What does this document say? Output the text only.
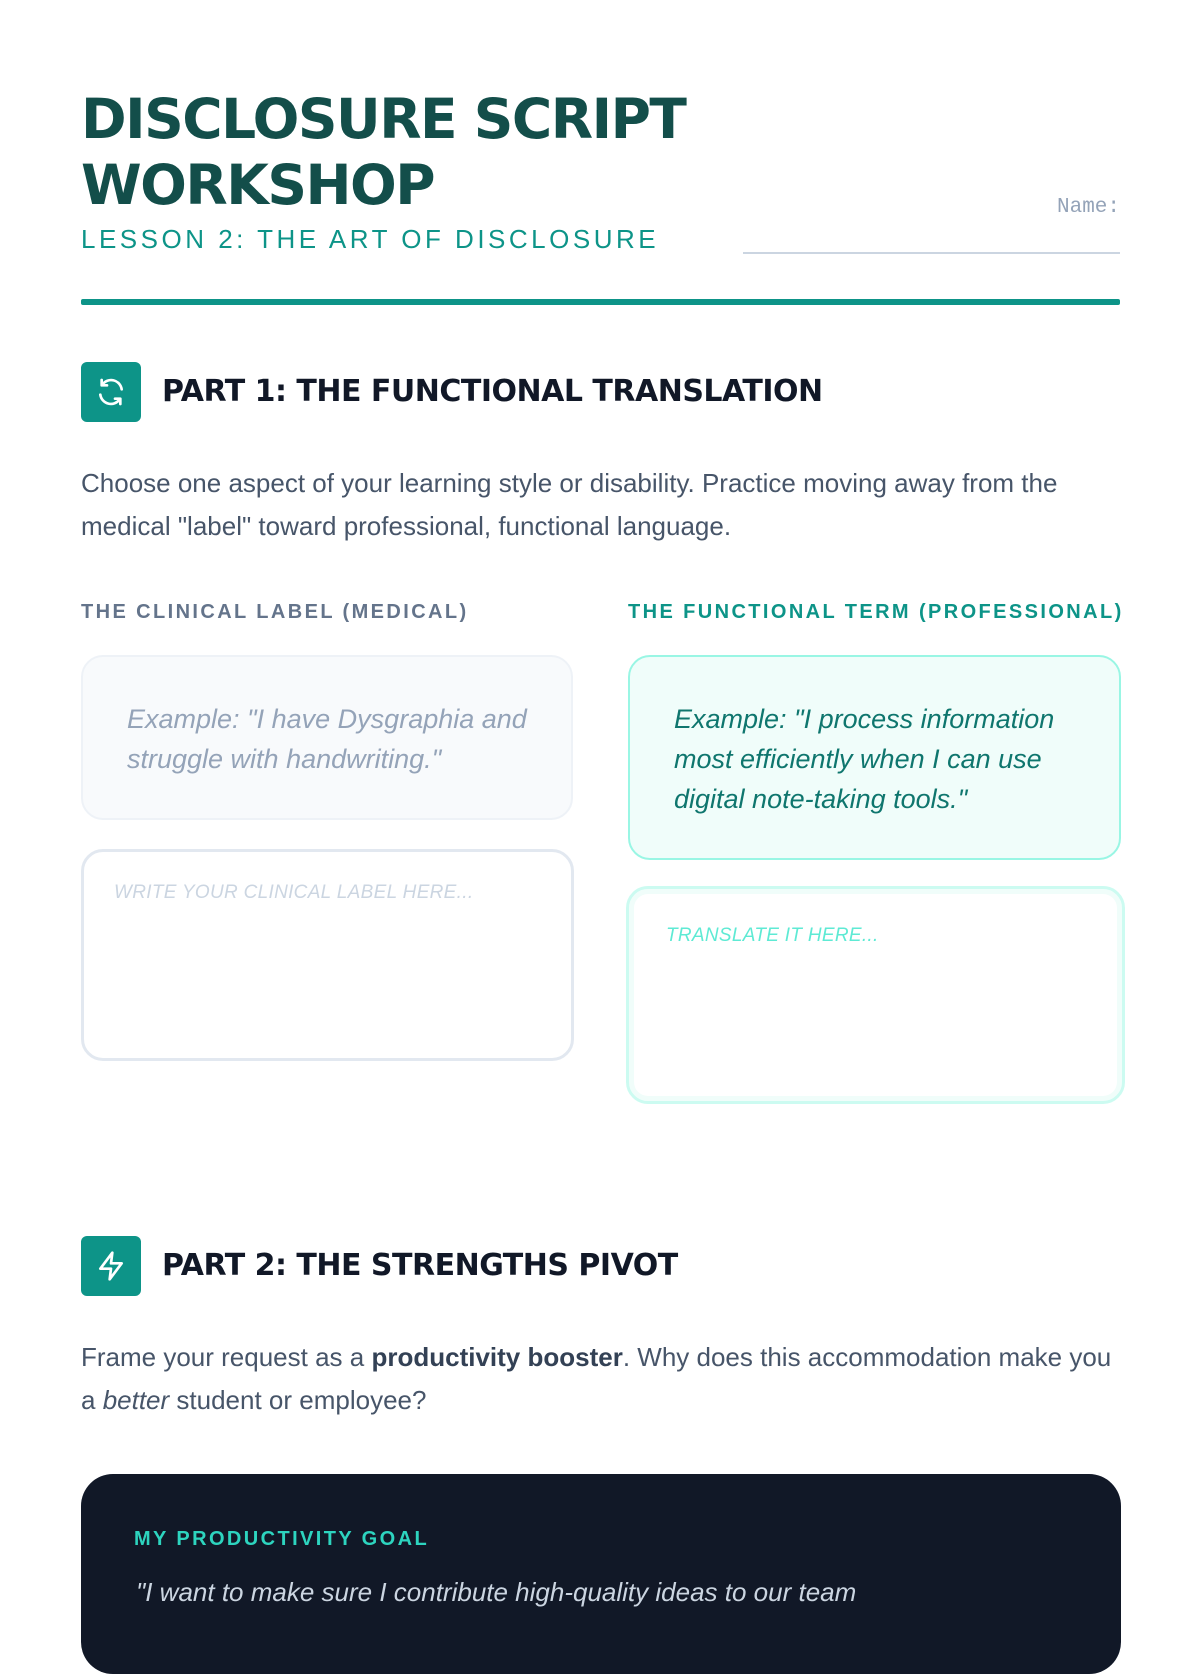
DISCLOSURE SCRIPT WORKSHOP
LESSON 2: THE ART OF DISCLOSURE
Name:
PART 1: THE FUNCTIONAL TRANSLATION
Choose one aspect of your learning style or disability. Practice moving away from the medical "label" toward professional, functional language.
THE CLINICAL LABEL (MEDICAL)	THE FUNCTIONAL TERM (PROFESSIONAL)
Example: "I have Dysgraphia and struggle with handwriting."
Example: "I process information most efficiently when I can use digital note-taking tools."
WRITE YOUR CLINICAL LABEL HERE...
TRANSLATE IT HERE...
PART 2: THE STRENGTHS PIVOT
Frame your request as a productivity booster. Why does this accommodation make you a better student or employee?
MY PRODUCTIVITY GOAL
"I want to make sure I contribute high-quality ideas to our team
